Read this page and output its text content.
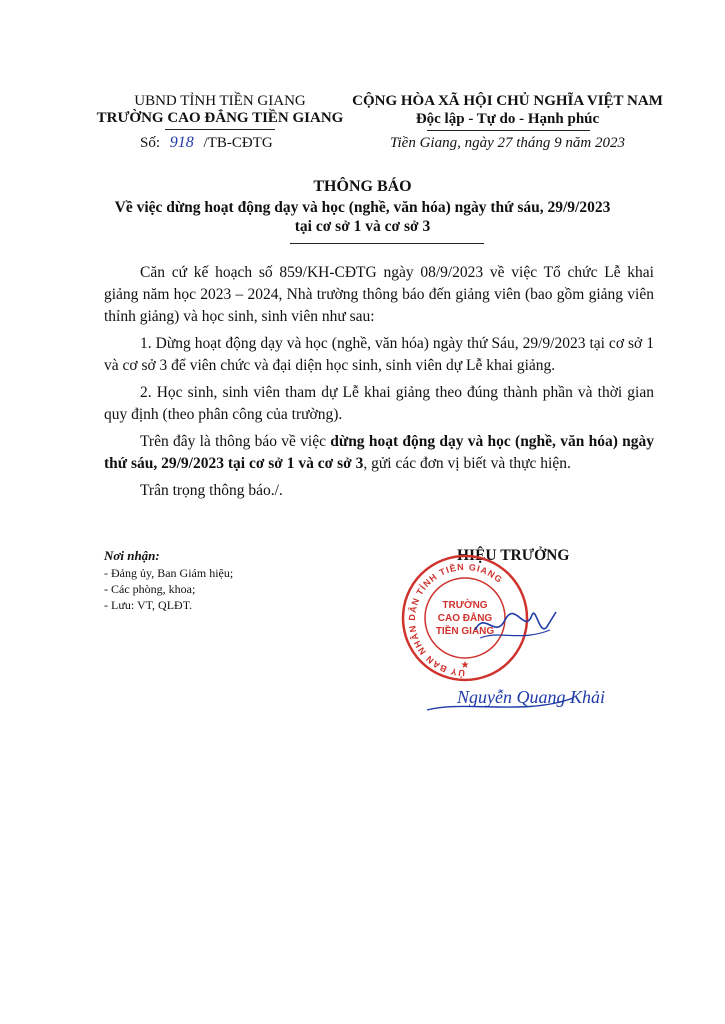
UBND TỈNH TIỀN GIANG
TRƯỜNG CAO ĐẲNG TIỀN GIANG
Số: 918 /TB-CĐTG
CỘNG HÒA XÃ HỘI CHỦ NGHĨA VIỆT NAM
Độc lập - Tự do - Hạnh phúc
Tiền Giang, ngày 27 tháng 9 năm 2023
THÔNG BÁO
Về việc dừng hoạt động dạy và học (nghề, văn hóa) ngày thứ sáu, 29/9/2023
tại cơ sở 1 và cơ sở 3

Căn cứ kế hoạch số 859/KH-CĐTG ngày 08/9/2023 về việc Tổ chức Lễ khai giảng năm học 2023 – 2024, Nhà trường thông báo đến giảng viên (bao gồm giảng viên thỉnh giảng) và học sinh, sinh viên như sau:

1. Dừng hoạt động dạy và học (nghề, văn hóa) ngày thứ Sáu, 29/9/2023 tại cơ sở 1 và cơ sở 3 để viên chức và đại diện học sinh, sinh viên dự Lễ khai giảng.

2. Học sinh, sinh viên tham dự Lễ khai giảng theo đúng thành phần và thời gian quy định (theo phân công của trường).

Trên đây là thông báo về việc dừng hoạt động dạy và học (nghề, văn hóa) ngày thứ sáu, 29/9/2023 tại cơ sở 1 và cơ sở 3, gửi các đơn vị biết và thực hiện.

Trân trọng thông báo./.

Nơi nhận:
- Đảng ủy, Ban Giám hiệu;
- Các phòng, khoa;
- Lưu: VT, QLĐT.
HIỆU TRƯỞNG
ỦY BAN NHÂN DÂN TỈNH TIỀN GIANG
TRƯỜNG
CAO ĐẲNG
TIỀN GIANG
★
Nguyễn Quang Khải
